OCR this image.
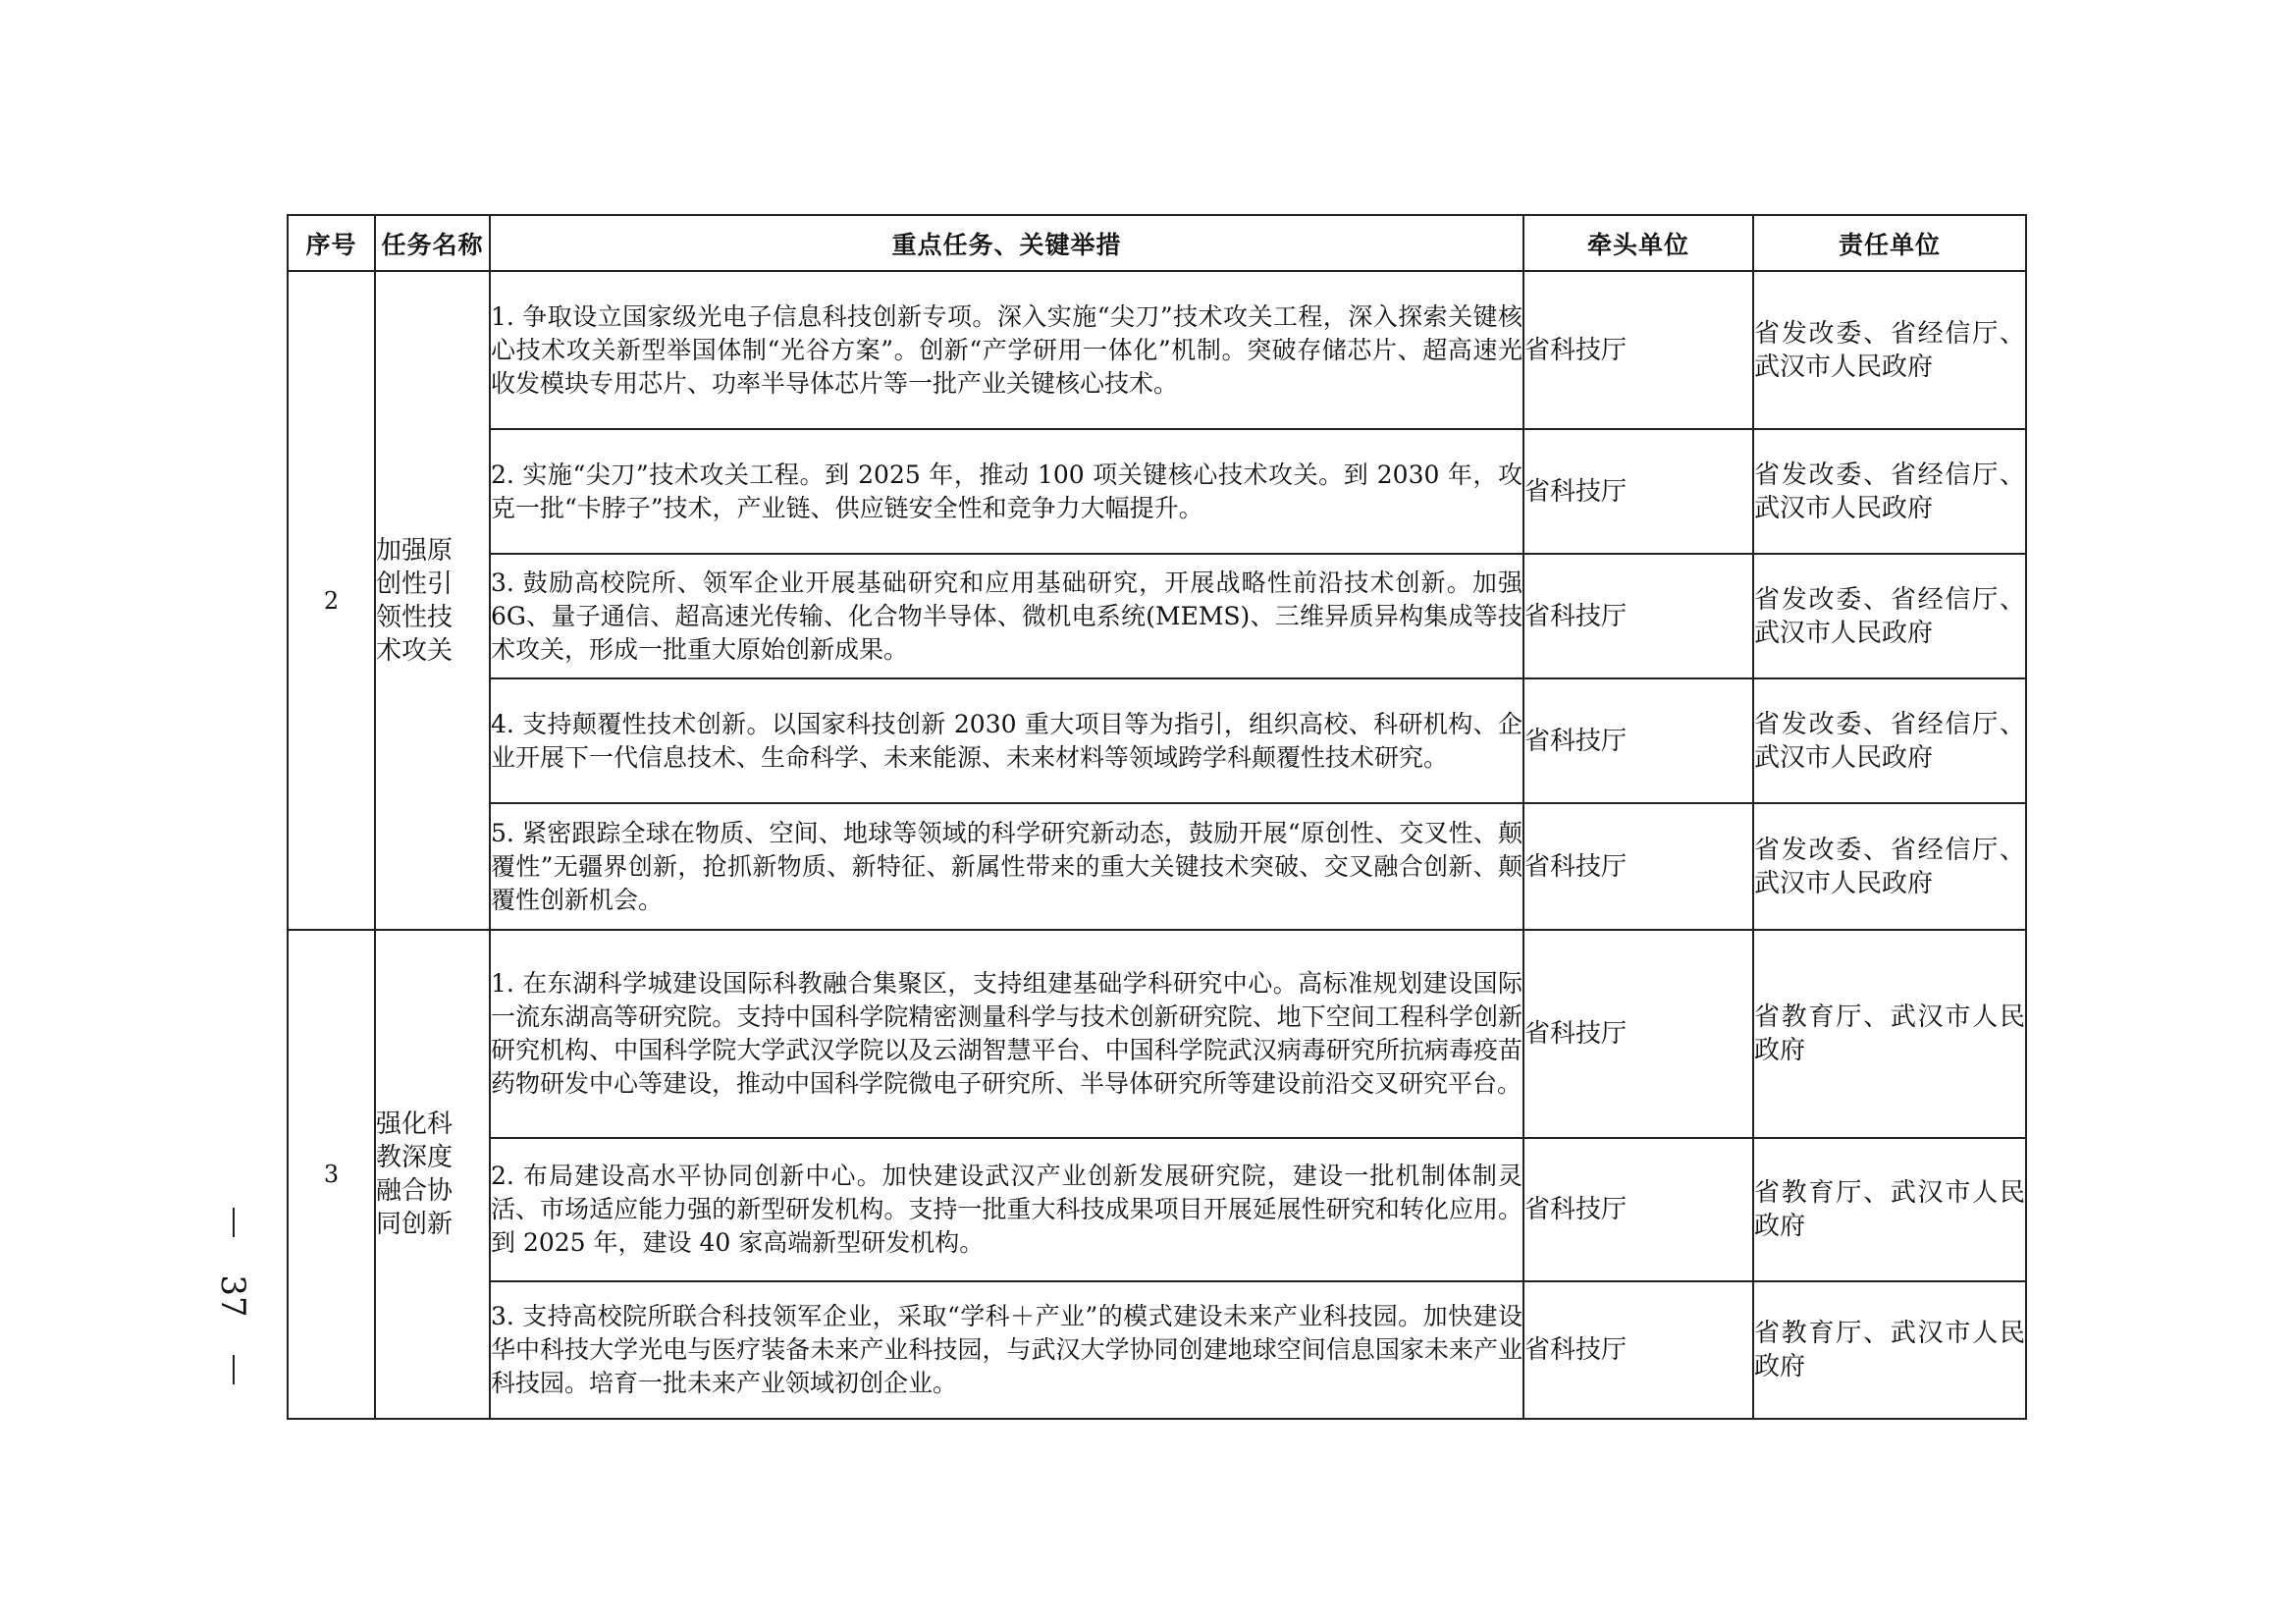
序号	任务名称	重点任务、关键举措	牵头单位	责任单位
2	加强原
创性引
领性技
术攻关	1. 争取设立国家级光电子信息科技创新专项。深入实施“尖刀”技术攻关工程，深入探索关键核心技术攻关新型举国体制“光谷方案”。创新“产学研用一体化”机制。突破存储芯片、超高速光收发模块专用芯片、功率半导体芯片等一批产业关键核心技术。	省科技厅	省发改委、省经信厅、武汉市人民政府
		2. 实施“尖刀”技术攻关工程。到 2025 年，推动 100 项关键核心技术攻关。到 2030 年，攻克一批“卡脖子”技术，产业链、供应链安全性和竞争力大幅提升。	省科技厅	省发改委、省经信厅、武汉市人民政府
		3. 鼓励高校院所、领军企业开展基础研究和应用基础研究，开展战略性前沿技术创新。加强 6G、量子通信、超高速光传输、化合物半导体、微机电系统(MEMS)、三维异质异构集成等技术攻关，形成一批重大原始创新成果。	省科技厅	省发改委、省经信厅、武汉市人民政府
		4. 支持颠覆性技术创新。以国家科技创新 2030 重大项目等为指引，组织高校、科研机构、企业开展下一代信息技术、生命科学、未来能源、未来材料等领域跨学科颠覆性技术研究。	省科技厅	省发改委、省经信厅、武汉市人民政府
		5. 紧密跟踪全球在物质、空间、地球等领域的科学研究新动态，鼓励开展“原创性、交叉性、颠覆性”无疆界创新，抢抓新物质、新特征、新属性带来的重大关键技术突破、交叉融合创新、颠覆性创新机会。	省科技厅	省发改委、省经信厅、武汉市人民政府
3	强化科
教深度
融合协
同创新	1. 在东湖科学城建设国际科教融合集聚区，支持组建基础学科研究中心。高标准规划建设国际一流东湖高等研究院。支持中国科学院精密测量科学与技术创新研究院、地下空间工程科学创新研究机构、中国科学院大学武汉学院以及云湖智慧平台、中国科学院武汉病毒研究所抗病毒疫苗药物研发中心等建设，推动中国科学院微电子研究所、半导体研究所等建设前沿交叉研究平台。	省科技厅	省教育厅、武汉市人民政府
		2. 布局建设高水平协同创新中心。加快建设武汉产业创新发展研究院，建设一批机制体制灵活、市场适应能力强的新型研发机构。支持一批重大科技成果项目开展延展性研究和转化应用。到 2025 年，建设 40 家高端新型研发机构。	省科技厅	省教育厅、武汉市人民政府
		3. 支持高校院所联合科技领军企业，采取“学科＋产业”的模式建设未来产业科技园。加快建设华中科技大学光电与医疗装备未来产业科技园，与武汉大学协同创建地球空间信息国家未来产业科技园。培育一批未来产业领域初创企业。	省科技厅	省教育厅、武汉市人民政府
37
